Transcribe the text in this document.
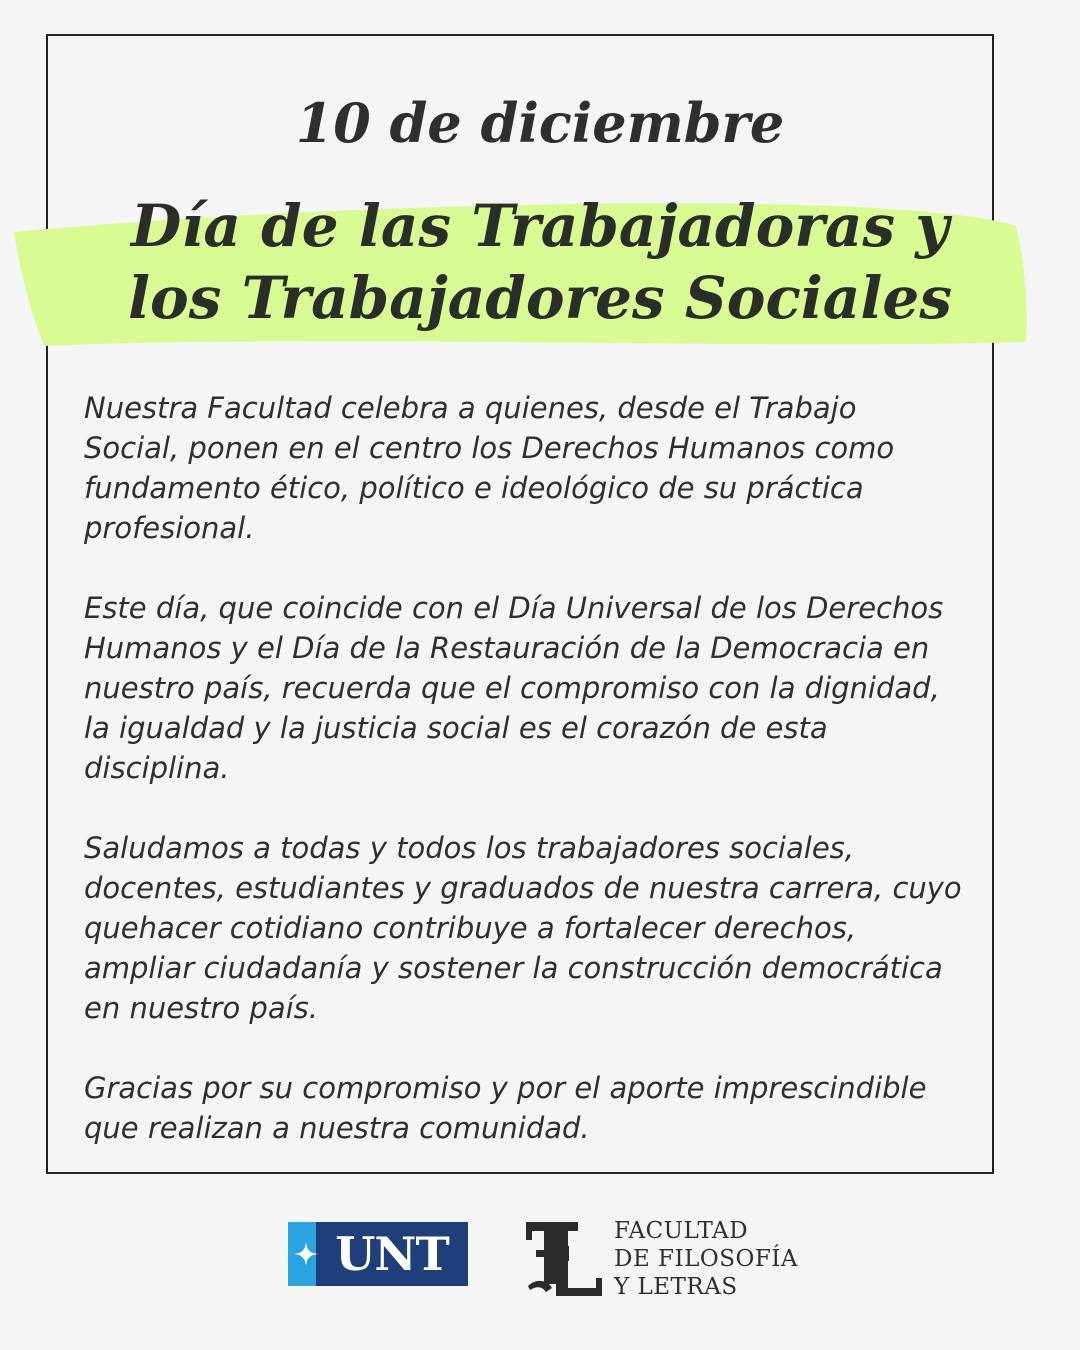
10 de diciembre
Día de las Trabajadoras y
los Trabajadores Sociales
Nuestra Facultad celebra a quienes, desde el Trabajo
Social, ponen en el centro los Derechos Humanos como
fundamento ético, político e ideológico de su práctica
profesional.
Este día, que coincide con el Día Universal de los Derechos
Humanos y el Día de la Restauración de la Democracia en
nuestro país, recuerda que el compromiso con la dignidad,
la igualdad y la justicia social es el corazón de esta
disciplina.
Saludamos a todas y todos los trabajadores sociales,
docentes, estudiantes y graduados de nuestra carrera, cuyo
quehacer cotidiano contribuye a fortalecer derechos,
ampliar ciudadanía y sostener la construcción democrática
en nuestro país.
Gracias por su compromiso y por el aporte imprescindible
que realizan a nuestra comunidad.
UNT	FACULTAD
DE FILOSOFÍA
Y LETRAS
